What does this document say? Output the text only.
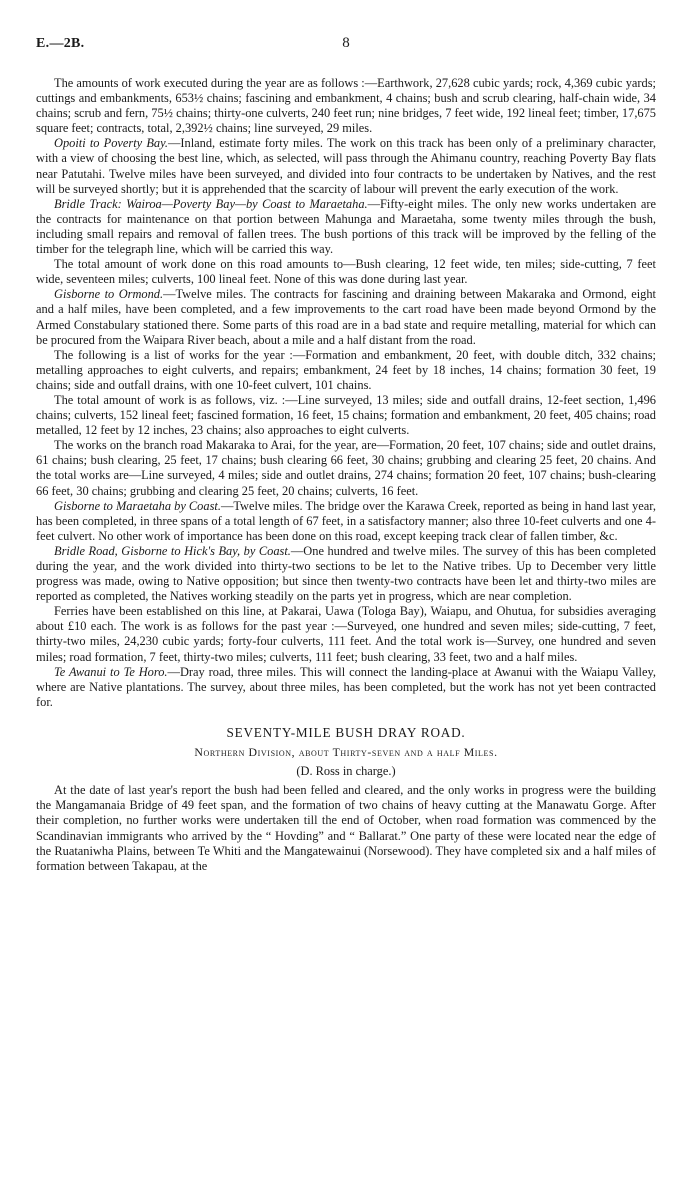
E.—2B.	8

The amounts of work executed during the year are as follows :—Earthwork, 27,628 cubic yards; rock, 4,369 cubic yards; cuttings and embankments, 653½ chains; fascining and embankment, 4 chains; bush and scrub clearing, half-chain wide, 34 chains; scrub and fern, 75½ chains; thirty-one culverts, 240 feet run; nine bridges, 7 feet wide, 192 lineal feet; timber, 17,675 square feet; contracts, total, 2,392½ chains; line surveyed, 29 miles.

Opoiti to Poverty Bay.—Inland, estimate forty miles. The work on this track has been only of a preliminary character, with a view of choosing the best line, which, as selected, will pass through the Ahimanu country, reaching Poverty Bay flats near Patutahi. Twelve miles have been surveyed, and divided into four contracts to be undertaken by Natives, and the rest will be surveyed shortly; but it is apprehended that the scarcity of labour will prevent the early execution of the work.

Bridle Track: Wairoa—Poverty Bay—by Coast to Maraetaha.—Fifty-eight miles. The only new works undertaken are the contracts for maintenance on that portion between Mahunga and Maraetaha, some twenty miles through the bush, including small repairs and removal of fallen trees. The bush portions of this track will be improved by the felling of the timber for the telegraph line, which will be carried this way.

The total amount of work done on this road amounts to—Bush clearing, 12 feet wide, ten miles; side-cutting, 7 feet wide, seventeen miles; culverts, 100 lineal feet. None of this was done during last year.

Gisborne to Ormond.—Twelve miles. The contracts for fascining and draining between Makaraka and Ormond, eight and a half miles, have been completed, and a few improvements to the cart road have been made beyond Ormond by the Armed Constabulary stationed there. Some parts of this road are in a bad state and require metalling, material for which can be procured from the Waipara River beach, about a mile and a half distant from the road.

The following is a list of works for the year :—Formation and embankment, 20 feet, with double ditch, 332 chains; metalling approaches to eight culverts, and repairs; embankment, 24 feet by 18 inches, 14 chains; formation 30 feet, 19 chains; side and outfall drains, with one 10-feet culvert, 101 chains.

The total amount of work is as follows, viz. :—Line surveyed, 13 miles; side and outfall drains, 12-feet section, 1,496 chains; culverts, 152 lineal feet; fascined formation, 16 feet, 15 chains; formation and embankment, 20 feet, 405 chains; road metalled, 12 feet by 12 inches, 23 chains; also approaches to eight culverts.

The works on the branch road Makaraka to Arai, for the year, are—Formation, 20 feet, 107 chains; side and outlet drains, 61 chains; bush clearing, 25 feet, 17 chains; bush clearing 66 feet, 30 chains; grubbing and clearing 25 feet, 20 chains. And the total works are—Line surveyed, 4 miles; side and outlet drains, 274 chains; formation 20 feet, 107 chains; bush-clearing 66 feet, 30 chains; grubbing and clearing 25 feet, 20 chains; culverts, 16 feet.

Gisborne to Maraetaha by Coast.—Twelve miles. The bridge over the Karawa Creek, reported as being in hand last year, has been completed, in three spans of a total length of 67 feet, in a satisfactory manner; also three 10-feet culverts and one 4-feet culvert. No other work of importance has been done on this road, except keeping track clear of fallen timber, &c.

Bridle Road, Gisborne to Hick's Bay, by Coast.—One hundred and twelve miles. The survey of this has been completed during the year, and the work divided into thirty-two sections to be let to the Native tribes. Up to December very little progress was made, owing to Native opposition; but since then twenty-two contracts have been let and thirty-two miles are reported as completed, the Natives working steadily on the parts yet in progress, which are near completion.

Ferries have been established on this line, at Pakarai, Uawa (Tologa Bay), Waiapu, and Ohutua, for subsidies averaging about £10 each. The work is as follows for the past year :—Surveyed, one hundred and seven miles; side-cutting, 7 feet, thirty-two miles, 24,230 cubic yards; forty-four culverts, 111 feet. And the total work is—Survey, one hundred and seven miles; road formation, 7 feet, thirty-two miles; culverts, 111 feet; bush clearing, 33 feet, two and a half miles.

Te Awanui to Te Horo.—Dray road, three miles. This will connect the landing-place at Awanui with the Waiapu Valley, where are Native plantations. The survey, about three miles, has been completed, but the work has not yet been contracted for.

SEVENTY-MILE BUSH DRAY ROAD.

Northern Division, about Thirty-seven and a half Miles.

(D. Ross in charge.)

At the date of last year's report the bush had been felled and cleared, and the only works in progress were the building the Mangamanaia Bridge of 49 feet span, and the formation of two chains of heavy cutting at the Manawatu Gorge. After their completion, no further works were undertaken till the end of October, when road formation was commenced by the Scandinavian immigrants who arrived by the “ Hovding” and “ Ballarat.” One party of these were located near the edge of the Ruataniwha Plains, between Te Whiti and the Mangatewainui (Norsewood). They have completed six and a half miles of formation between Takapau, at the
